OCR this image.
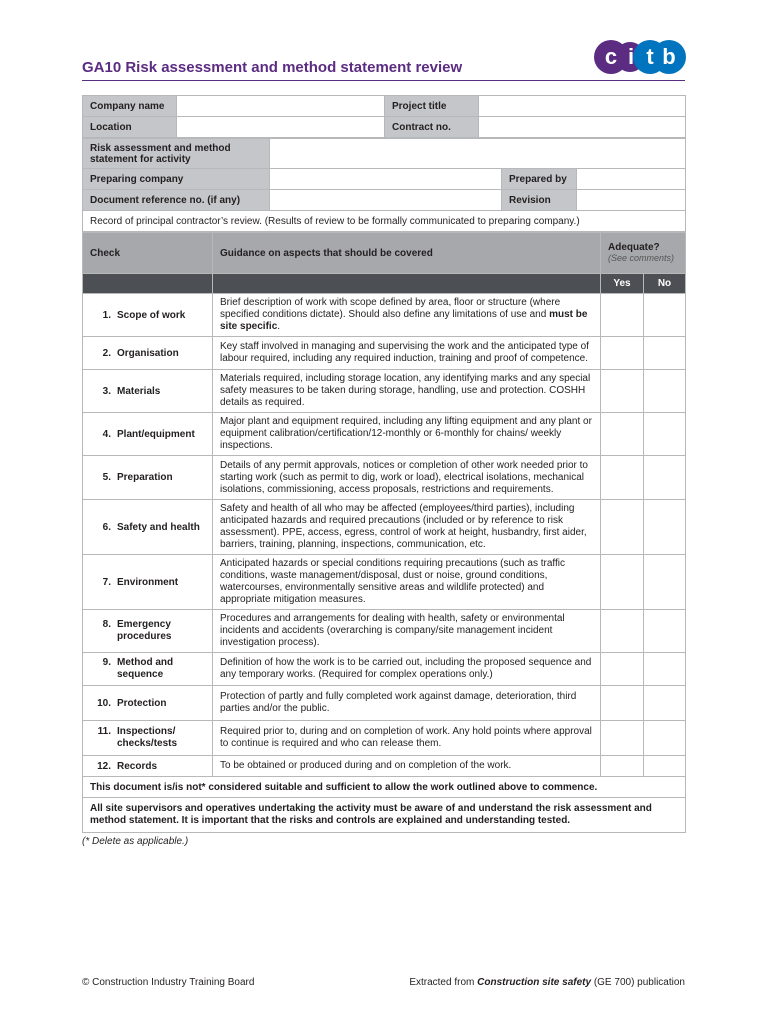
GA10 Risk assessment and method statement review	c i t b
Company name		Project title	
Location		Contract no.	
Risk assessment and method statement for activity			
Preparing company		Prepared by	
Document reference no. (if any)		Revision	
Record of principal contractor’s review. (Results of review to be formally communicated to preparing company.)			
Check	Guidance on aspects that should be covered	Adequate?
(See comments)	

		Yes	No
1. Scope of work	Brief description of work with scope defined by area, floor or structure (where specified conditions dictate). Should also define any limitations of use and must be site specific.		
2. Organisation	Key staff involved in managing and supervising the work and the anticipated type of labour required, including any required induction, training and proof of competence.		
3. Materials	Materials required, including storage location, any identifying marks and any special safety measures to be taken during storage, handling, use and protection. COSHH details as required.		
4. Plant/equipment	Major plant and equipment required, including any lifting equipment and any plant or equipment calibration/certification/12-monthly or 6-monthly for chains/ weekly inspections.		
5. Preparation	Details of any permit approvals, notices or completion of other work needed prior to starting work (such as permit to dig, work or load), electrical isolations, mechanical isolations, commissioning, access proposals, restrictions and requirements.		
6. Safety and health	Safety and health of all who may be affected (employees/third parties), including anticipated hazards and required precautions (included or by reference to risk assessment). PPE, access, egress, control of work at height, husbandry, first aider, barriers, training, planning, inspections, communication, etc.		
7. Environment	Anticipated hazards or special conditions requiring precautions (such as traffic conditions, waste management/disposal, dust or noise, ground conditions, watercourses, environmentally sensitive areas and wildlife protected) and appropriate mitigation measures.		
8. Emergency procedures	Procedures and arrangements for dealing with health, safety or environmental incidents and accidents (overarching is company/site management incident investigation process).		
9. Method and sequence	Definition of how the work is to be carried out, including the proposed sequence and any temporary works. (Required for complex operations only.)		
10. Protection	Protection of partly and fully completed work against damage, deterioration, third parties and/or the public.		
11. Inspections/ checks/tests	Required prior to, during and on completion of work. Any hold points where approval to continue is required and who can release them.		
12. Records	To be obtained or produced during and on completion of the work.		
This document is/is not* considered suitable and sufficient to allow the work outlined above to commence.			
All site supervisors and operatives undertaking the activity must be aware of and understand the risk assessment and method statement. It is important that the risks and controls are explained and understanding tested.			
(* Delete as applicable.)
© Construction Industry Training Board	Extracted from Construction site safety (GE 700) publication
